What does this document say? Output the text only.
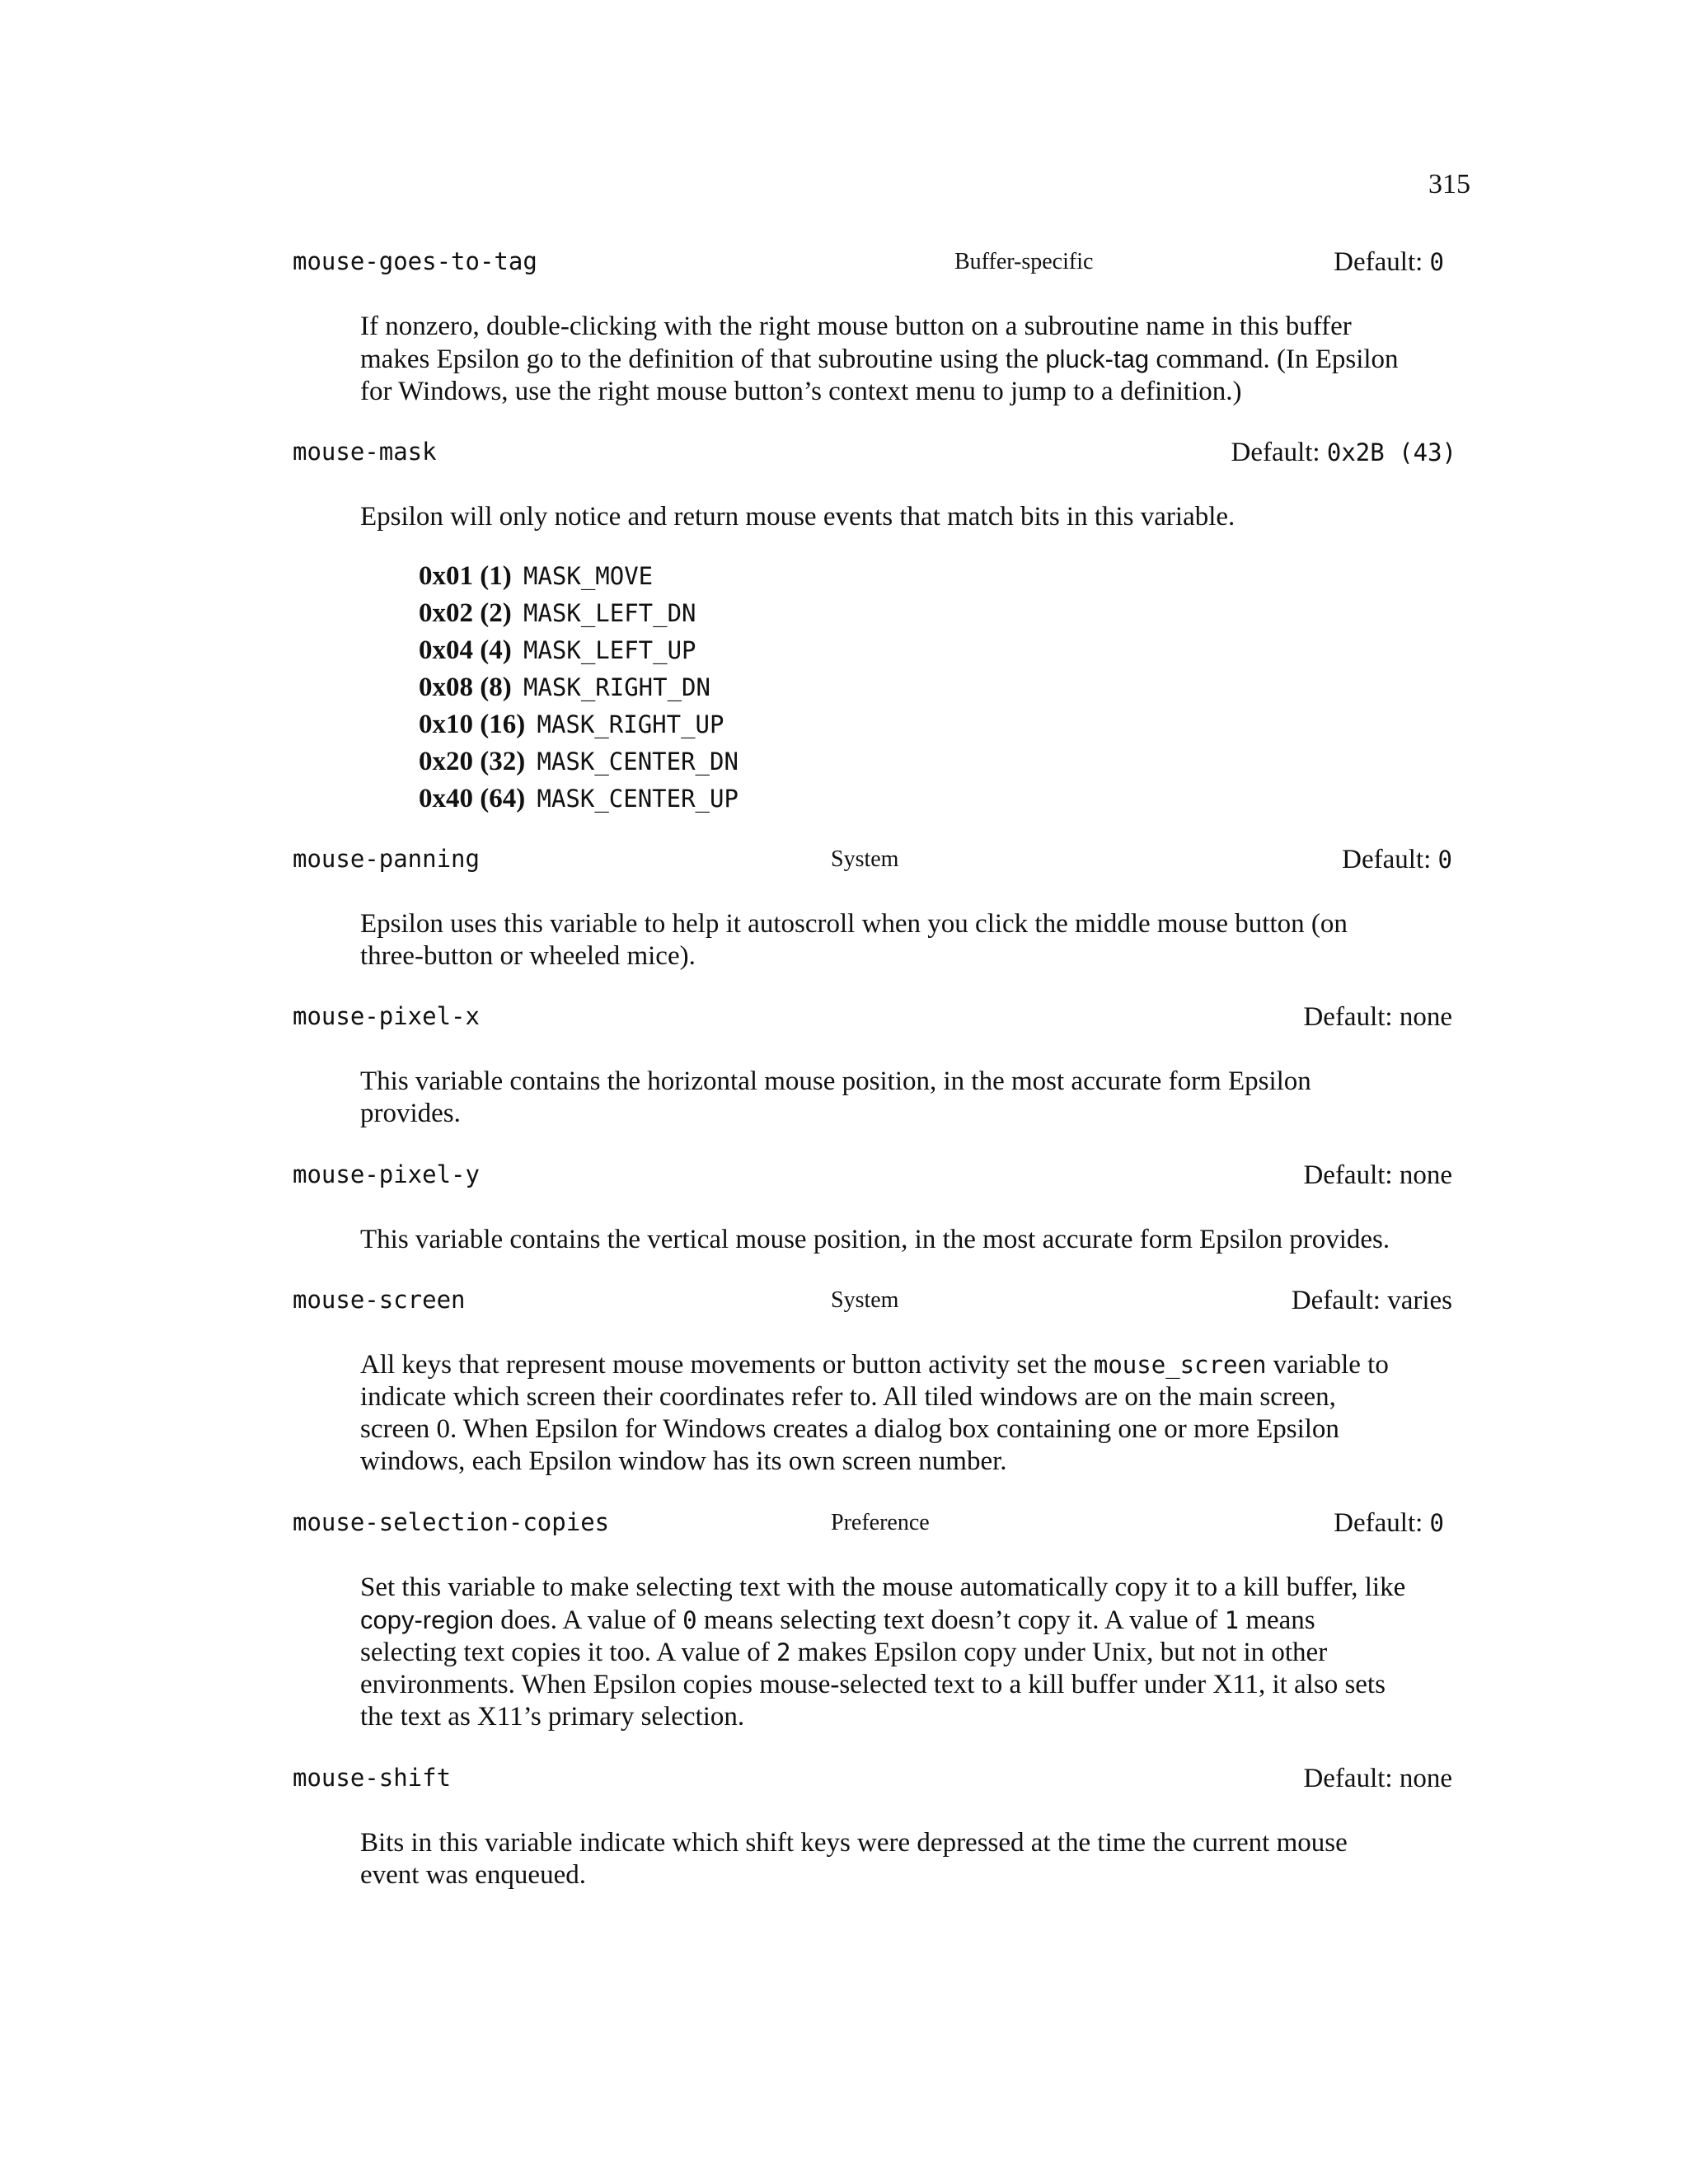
315
mouse-goes-to-tag	Buffer-specific	Default: 0
If nonzero, double-clicking with the right mouse button on a subroutine name in this buffer makes Epsilon go to the definition of that subroutine using the pluck-tag command. (In Epsilon for Windows, use the right mouse button’s context menu to jump to a definition.)
mouse-mask	Default: 0x2B (43)
Epsilon will only notice and return mouse events that match bits in this variable.
0x01 (1) MASK_MOVE
0x02 (2) MASK_LEFT_DN
0x04 (4) MASK_LEFT_UP
0x08 (8) MASK_RIGHT_DN
0x10 (16) MASK_RIGHT_UP
0x20 (32) MASK_CENTER_DN
0x40 (64) MASK_CENTER_UP
mouse-panning	System	Default: 0
Epsilon uses this variable to help it autoscroll when you click the middle mouse button (on three-button or wheeled mice).
mouse-pixel-x	Default: none
This variable contains the horizontal mouse position, in the most accurate form Epsilon provides.
mouse-pixel-y	Default: none
This variable contains the vertical mouse position, in the most accurate form Epsilon provides.
mouse-screen	System	Default: varies
All keys that represent mouse movements or button activity set the mouse_screen variable to indicate which screen their coordinates refer to. All tiled windows are on the main screen, screen 0. When Epsilon for Windows creates a dialog box containing one or more Epsilon windows, each Epsilon window has its own screen number.
mouse-selection-copies	Preference	Default: 0
Set this variable to make selecting text with the mouse automatically copy it to a kill buffer, like copy-region does. A value of 0 means selecting text doesn’t copy it. A value of 1 means selecting text copies it too. A value of 2 makes Epsilon copy under Unix, but not in other environments. When Epsilon copies mouse-selected text to a kill buffer under X11, it also sets the text as X11’s primary selection.
mouse-shift	Default: none
Bits in this variable indicate which shift keys were depressed at the time the current mouse event was enqueued.
